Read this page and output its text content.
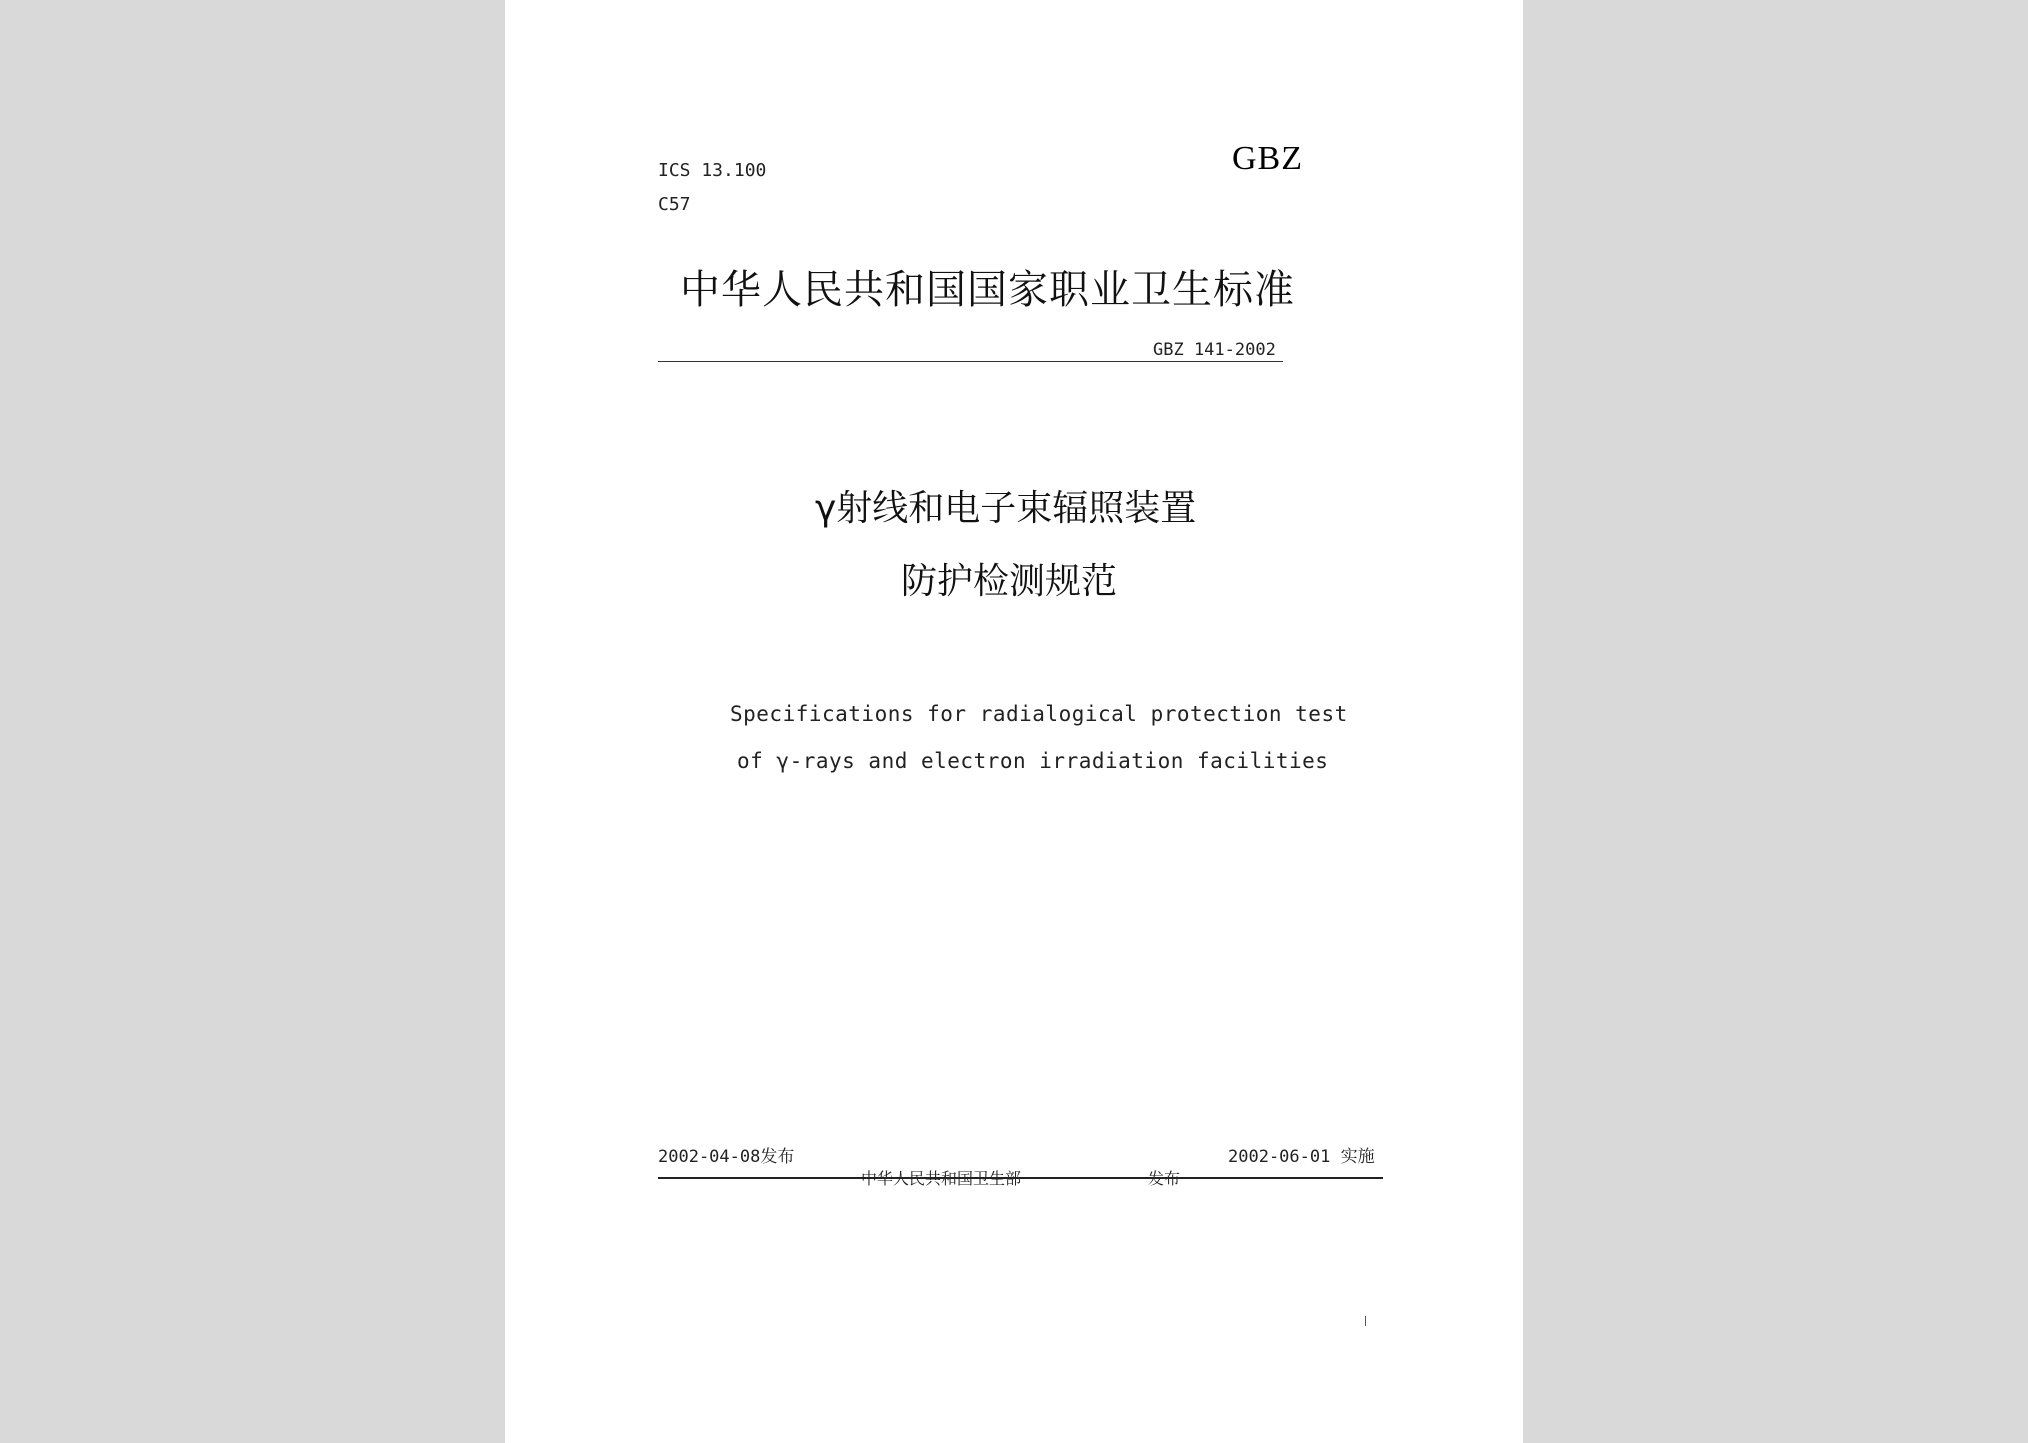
ICS 13.100
C57
GBZ
中华人民共和国国家职业卫生标准
GBZ 141-2002
γ射线和电子束辐照装置
防护检测规范
Specifications for radialogical protection test
of γ-rays and electron irradiation facilities
2002-04-08发布	2002-06-01 实施
